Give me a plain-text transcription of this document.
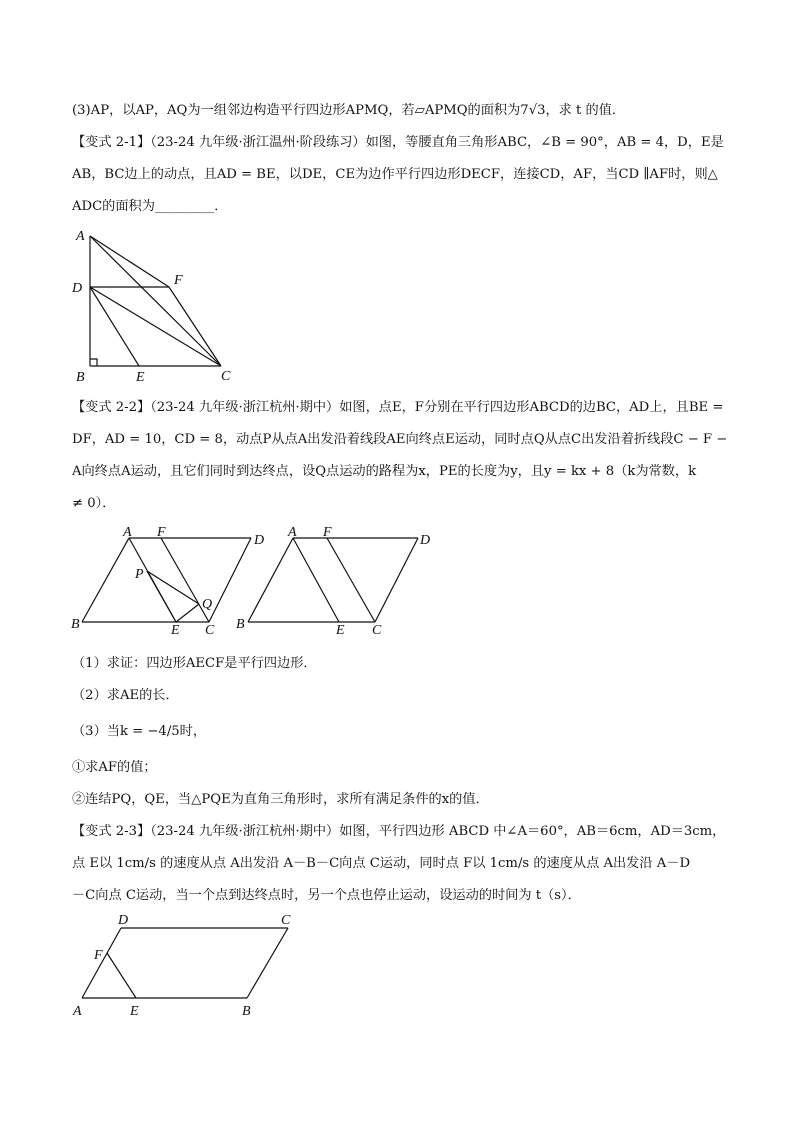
(3)AP，以AP，AQ为一组邻边构造平行四边形APMQ，若▱APMQ的面积为7√3，求 t 的值．
【变式 2-1】（23-24 九年级·浙江温州·阶段练习）如图，等腰直角三角形ABC，∠B = 90°，AB = 4，D，E是
AB，BC边上的动点，且AD = BE，以DE，CE为边作平行四边形DECF，连接CD，AF，当CD ∥AF时，则△
ADC的面积为_________．
A
D
B	E	C
F
【变式 2-2】（23-24 九年级·浙江杭州·期中）如图，点E，F分别在平行四边形ABCD的边BC，AD上，且BE =
DF，AD = 10，CD = 8，动点P从点A出发沿着线段AE向终点E运动，同时点Q从点C出发沿着折线段C − F −
A向终点A运动，且它们同时到达终点，设Q点运动的路程为x，PE的长度为y，且y = kx + 8（k为常数，k
≠ 0）．
A F
D
P
Q
B	E C
A F
D
B	E C
（1）求证：四边形AECF是平行四边形．
（2）求AE的长．
（3）当k = −4/5时，
①求AF的值；
②连结PQ，QE，当△PQE为直角三角形时，求所有满足条件的x的值．
【变式 2-3】（23-24 九年级·浙江杭州·期中）如图，平行四边形 ABCD 中∠A＝60°，AB＝6cm，AD＝3cm，
点 E以 1cm/s 的速度从点 A出发沿 A－B－C向点 C运动，同时点 F以 1cm/s 的速度从点 A出发沿 A－D
－C向点 C运动，当一个点到达终点时，另一个点也停止运动，设运动的时间为 t（s）．
D	C
F
A	E	B
